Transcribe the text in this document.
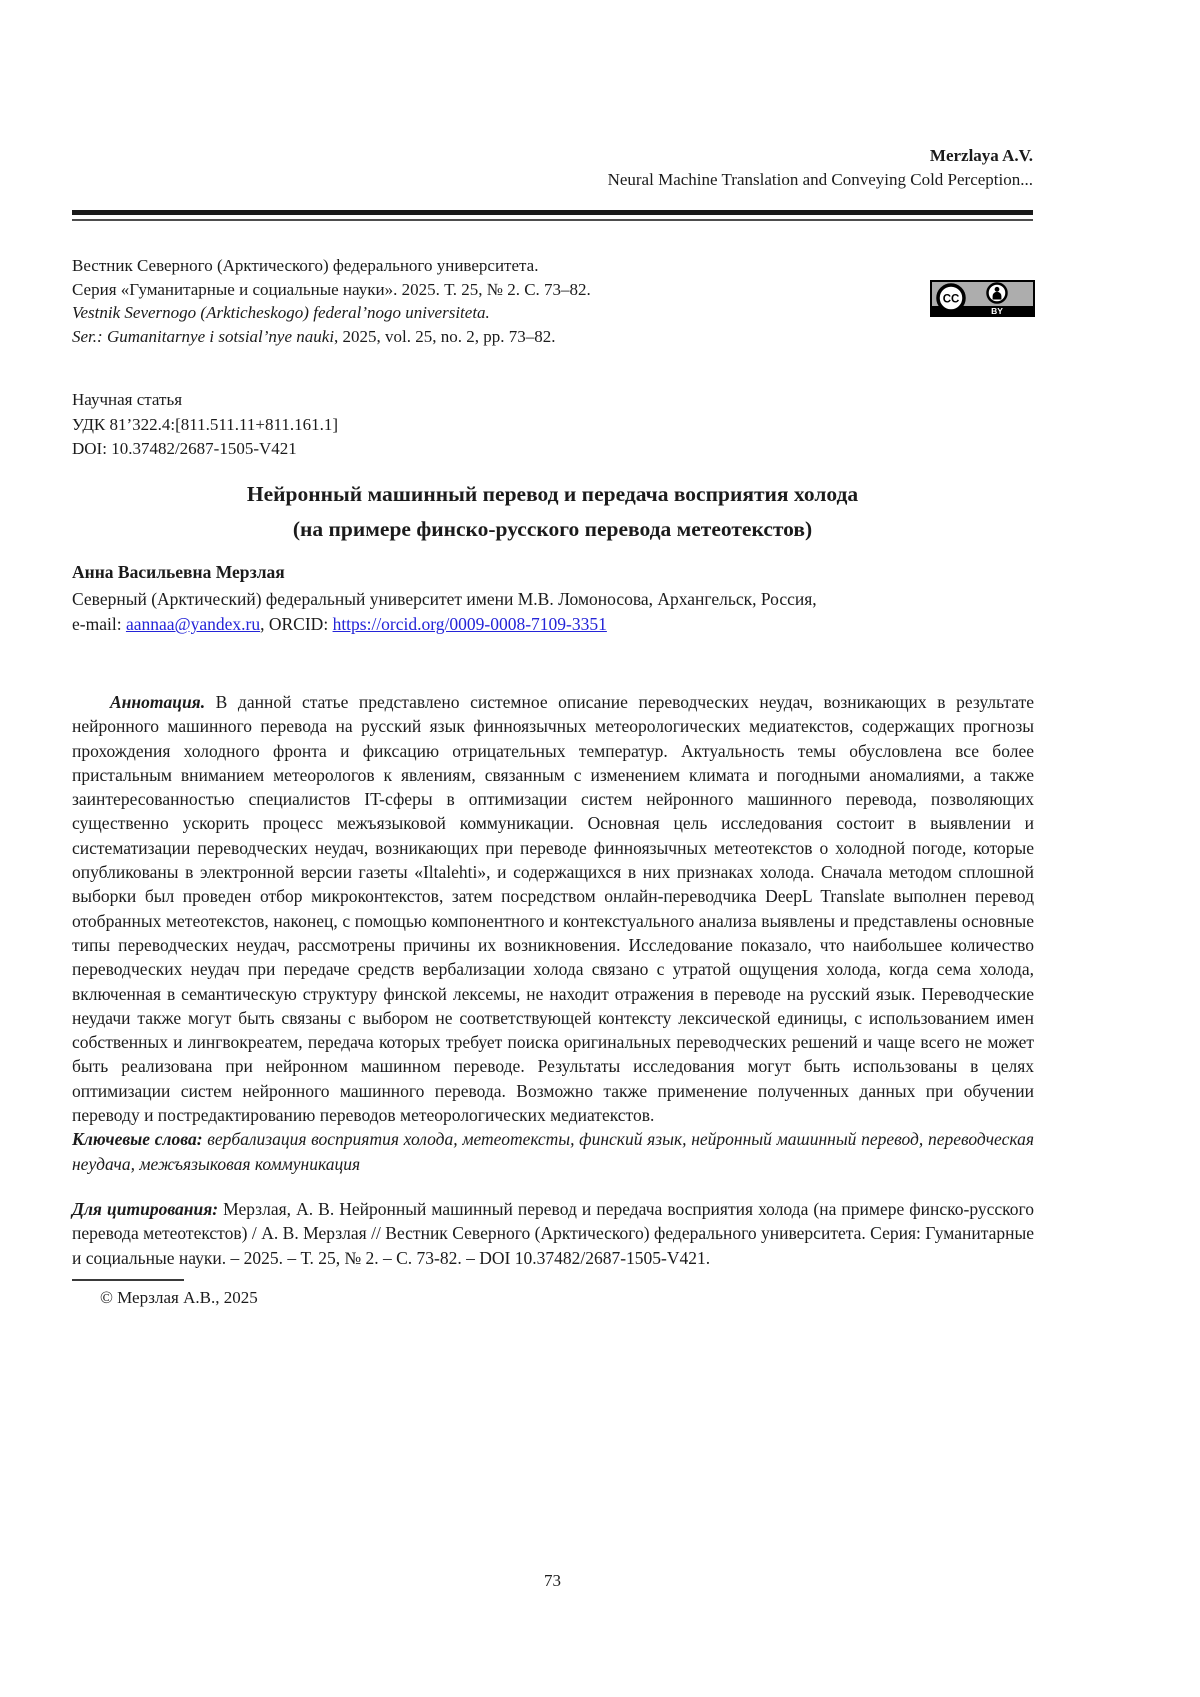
Merzlaya A.V.
Neural Machine Translation and Conveying Cold Perception...
Вестник Северного (Арктического) федерального университета.
Серия «Гуманитарные и социальные науки». 2025. Т. 25, № 2. С. 73–82.
Vestnik Severnogo (Arkticheskogo) federal’nogo universiteta.
Ser.: Gumanitarnye i sotsial’nye nauki, 2025, vol. 25, no. 2, pp. 73–82.
CC
BY
Научная статья
УДК 81’322.4:[811.511.11+811.161.1]
DOI: 10.37482/2687-1505-V421
Нейронный машинный перевод и передача восприятия холода
(на примере финско-русского перевода метеотекстов)
Анна Васильевна Мерзлая
Северный (Арктический) федеральный университет имени М.В. Ломоносова, Архангельск, Россия,
e-mail: aannaa@yandex.ru, ORCID: https://orcid.org/0009-0008-7109-3351

Аннотация. В данной статье представлено системное описание переводческих неудач, возникающих в результате нейронного машинного перевода на русский язык финноязычных метеорологических медиатекстов, содержащих прогнозы прохождения холодного фронта и фиксацию отрицательных температур. Актуальность темы обусловлена все более пристальным вниманием метеорологов к явлениям, связанным с изменением климата и погодными аномалиями, а также заинтересованностью специалистов IT-сферы в оптимизации систем нейронного машинного перевода, позволяющих существенно ускорить процесс межъязыковой коммуникации. Основная цель исследования состоит в выявлении и систематизации переводческих неудач, возникающих при переводе финноязычных метеотекстов о холодной погоде, которые опубликованы в электронной версии газеты «Iltalehti», и содержащихся в них признаках холода. Сначала методом сплошной выборки был проведен отбор микроконтекстов, затем посредством онлайн-переводчика DeepL Translate выполнен перевод отобранных метеотекстов, наконец, с помощью компонентного и контекстуального анализа выявлены и представлены основные типы переводческих неудач, рассмотрены причины их возникновения. Исследование показало, что наибольшее количество переводческих неудач при передаче средств вербализации холода связано с утратой ощущения холода, когда сема холода, включенная в семантическую структуру финской лексемы, не находит отражения в переводе на русский язык. Переводческие неудачи также могут быть связаны с выбором не соответствующей контексту лексической единицы, с использованием имен собственных и лингвокреатем, передача которых требует поиска оригинальных переводческих решений и чаще всего не может быть реализована при нейронном машинном переводе. Результаты исследования могут быть использованы в целях оптимизации систем нейронного машинного перевода. Возможно также применение полученных данных при обучении переводу и постредактированию переводов метеорологических медиатекстов.

Ключевые слова: вербализация восприятия холода, метеотексты, финский язык, нейронный машинный перевод, переводческая неудача, межъязыковая коммуникация

Для цитирования: Мерзлая, А. В. Нейронный машинный перевод и передача восприятия холода (на примере финско-русского перевода метеотекстов) / А. В. Мерзлая // Вестник Северного (Арктического) федерального университета. Серия: Гуманитарные и социальные науки. – 2025. – Т. 25, № 2. – С. 73-82. – DOI 10.37482/2687-1505-V421.

© Мерзлая А.В., 2025
73
